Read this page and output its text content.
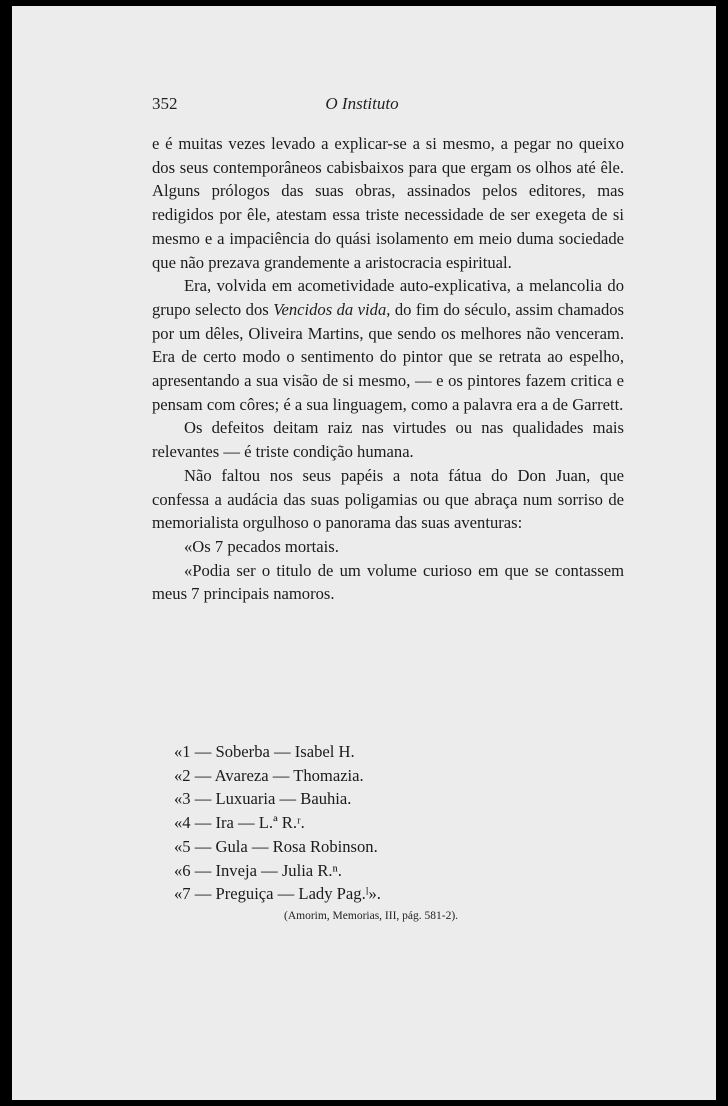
352	O Instituto

e é muitas vezes levado a explicar-se a si mesmo, a pegar no queixo dos seus contemporâneos cabisbaixos para que ergam os olhos até êle. Alguns prólogos das suas obras, assinados pelos editores, mas redigidos por êle, atestam essa triste necessidade de ser exegeta de si mesmo e a impaciência do quási isolamento em meio duma sociedade que não prezava grandemente a aristocracia espiritual.

Era, volvida em acometividade auto-explicativa, a melancolia do grupo selecto dos Vencidos da vida, do fim do século, assim chamados por um dêles, Oliveira Martins, que sendo os melhores não venceram. Era de certo modo o sentimento do pintor que se retrata ao espelho, apresentando a sua visão de si mesmo, — e os pintores fazem critica e pensam com côres; é a sua linguagem, como a palavra era a de Garrett.

Os defeitos deitam raiz nas virtudes ou nas qualidades mais relevantes — é triste condição humana.

Não faltou nos seus papéis a nota fátua do Don Juan, que confessa a audácia das suas poligamias ou que abraça num sorriso de memorialista orgulhoso o panorama das suas aventuras:

«Os 7 pecados mortais.

«Podia ser o titulo de um volume curioso em que se contassem meus 7 principais namoros.

«1 — Soberba — Isabel H.
«2 — Avareza — Thomazia.
«3 — Luxuaria — Bauhia.
«4 — Ira — L.ª R.ʳ.
«5 — Gula — Rosa Robinson.
«6 — Inveja — Julia R.ⁿ.
«7 — Preguiça — Lady Pag.ˡ».
(Amorim, Memorias, III, pág. 581-2).
